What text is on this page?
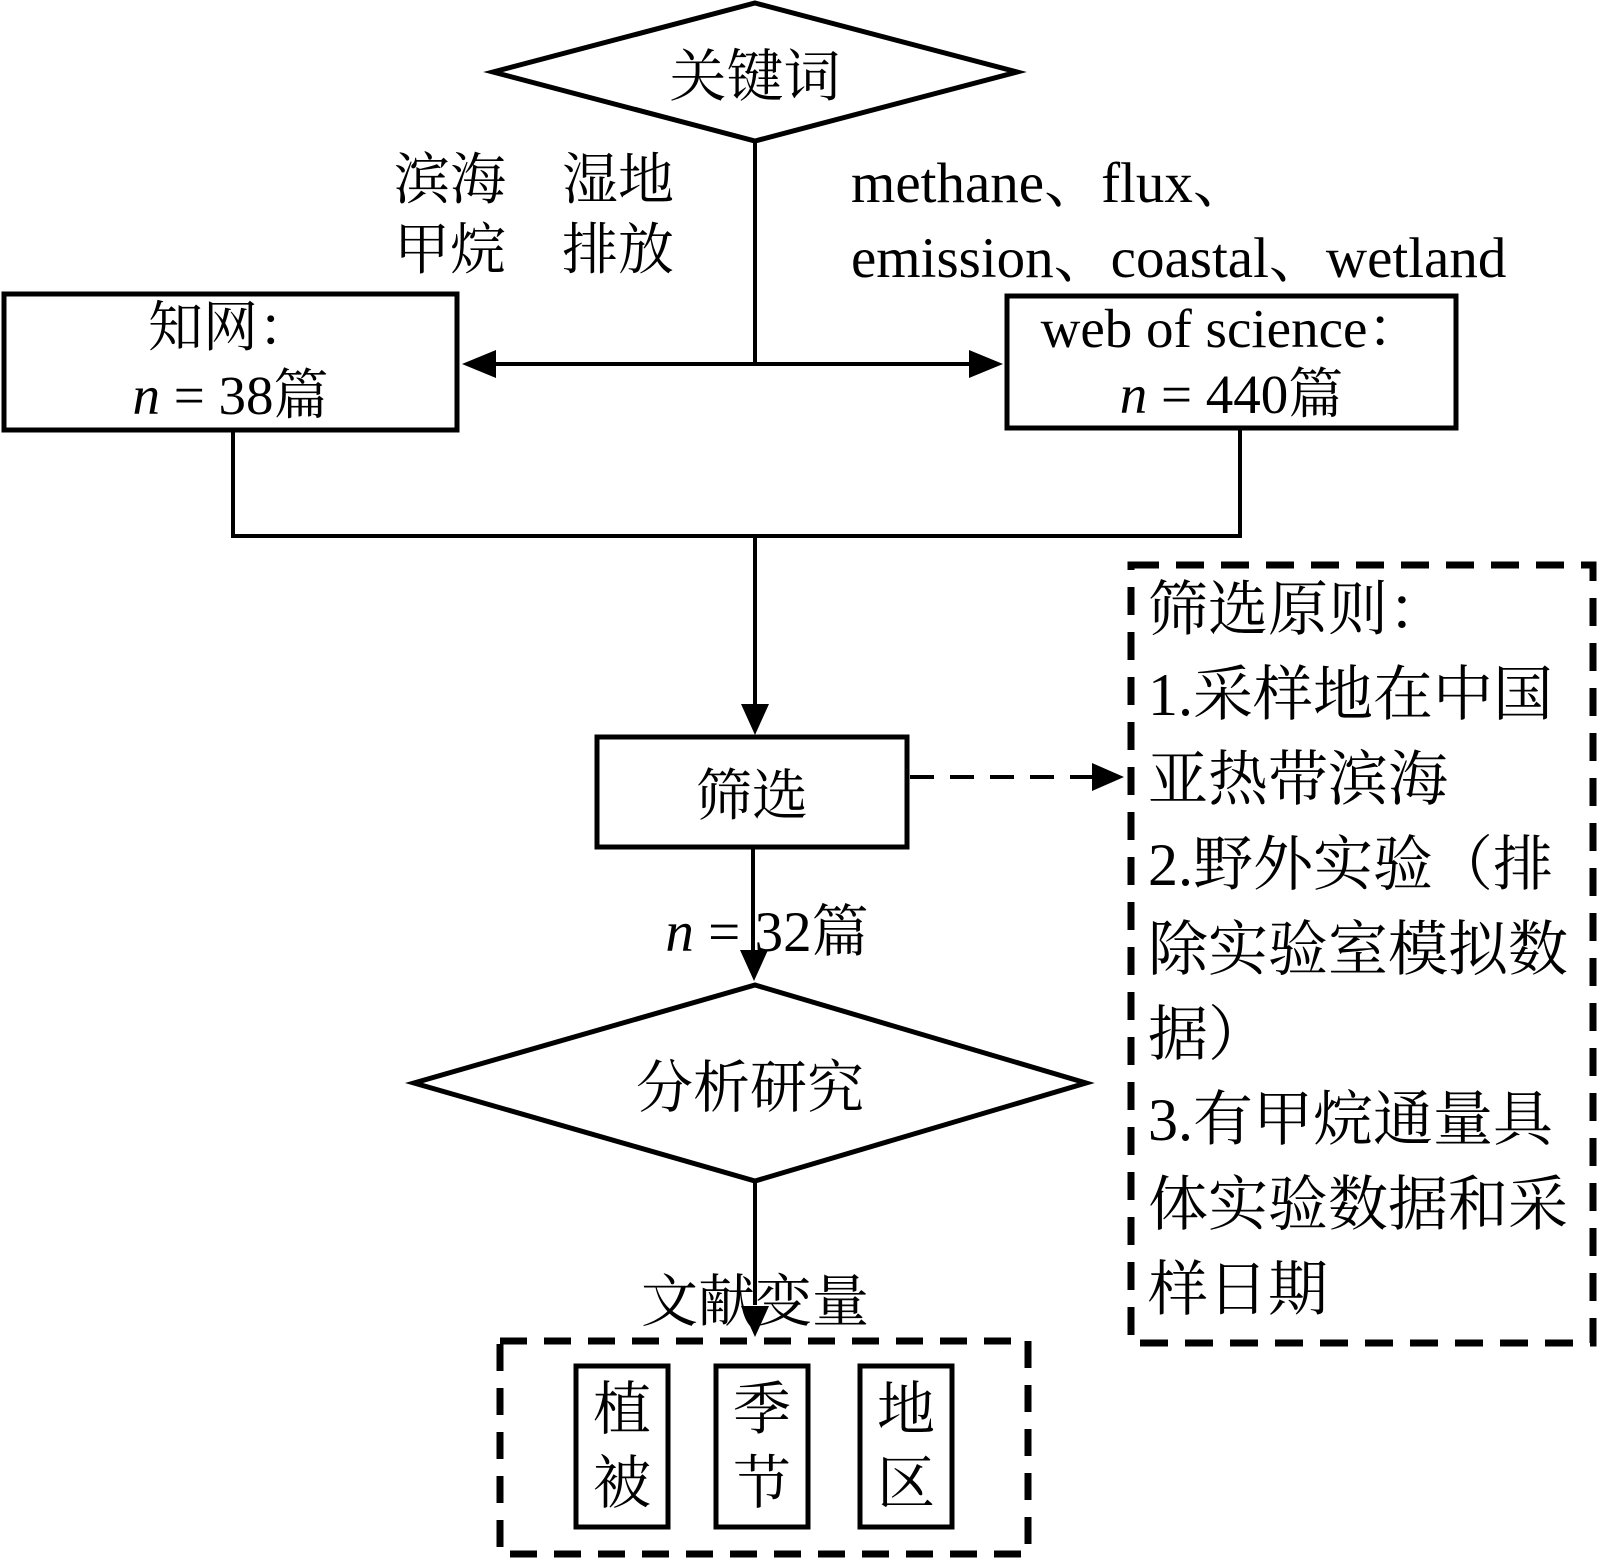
关键词
滨海　湿地
甲烷　排放
methane、flux、
emission、coastal、wetland
知网：
n = 38篇
web of science：
n = 440篇
筛选
n = 32篇
分析研究
文献变量
植被
季节
地区
筛选原则：
1.采样地在中国
亚热带滨海
2.野外实验（排
除实验室模拟数
据）
3.有甲烷通量具
体实验数据和采
样日期
